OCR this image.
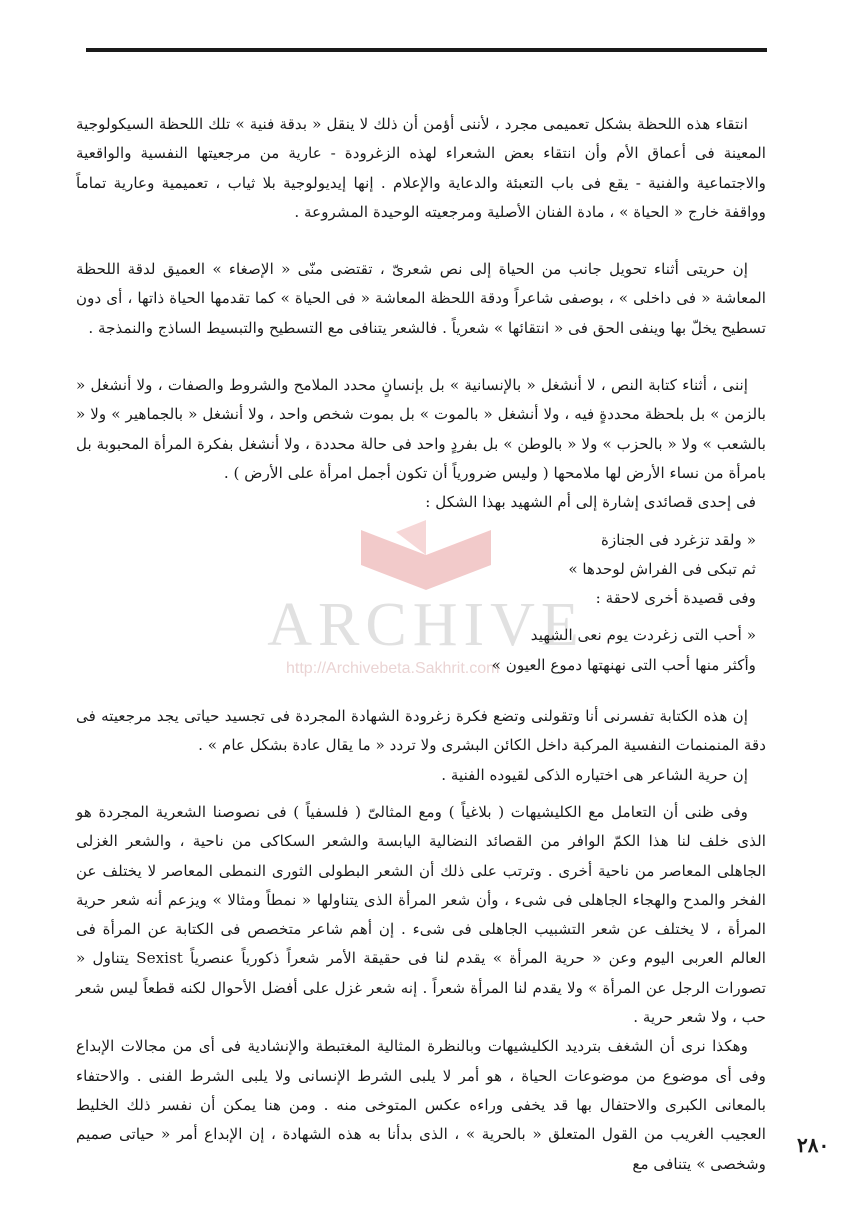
ARCHIVE
http://Archivebeta.Sakhrit.com

انتقاء هذه اللحظة بشكل تعميمى مجرد ، لأننى أؤمن أن ذلك لا ينقل « بدقة فنية » تلك اللحظة السيكولوجية المعينة فى أعماق الأم وأن انتقاء بعض الشعراء لهذه الزغرودة - عارية من مرجعيتها النفسية والواقعية والاجتماعية والفنية - يقع فى باب التعبئة والدعاية والإعلام . إنها إيديولوجية بلا ثياب ، تعميمية وعارية تماماً وواقفة خارج « الحياة » ، مادة الفنان الأصلية ومرجعيته الوحيدة المشروعة .

إن حريتى أثناء تحويل جانب من الحياة إلى نص شعرىّ ، تقتضى منّى « الإصغاء » العميق لدقة اللحظة المعاشة « فى داخلى » ، بوصفى شاعراً ودقة اللحظة المعاشة « فى الحياة » كما تقدمها الحياة ذاتها ، أى دون تسطيح يخلّ بها وينفى الحق فى « انتقائها » شعرياً . فالشعر يتنافى مع التسطيح والتبسيط الساذج والنمذجة .

إننى ، أثناء كتابة النص ، لا أنشغل « بالإنسانية » بل بإنسانٍ محدد الملامح والشروط والصفات ، ولا أنشغل « بالزمن » بل بلحظة محددةٍ فيه ، ولا أنشغل « بالموت » بل بموت شخص واحد ، ولا أنشغل « بالجماهير » ولا « بالشعب » ولا « بالحزب » ولا « بالوطن » بل بفردٍ واحد فى حالة محددة ، ولا أنشغل بفكرة المرأة المحبوبة بل بامرأة من نساء الأرض لها ملامحها ( وليس ضرورياً أن تكون أجمل امرأة على الأرض ) .

فى إحدى قصائدى إشارة إلى أم الشهيد بهذا الشكل :

« ولقد تزغرد فى الجنازة

ثم تبكى فى الفراش لوحدها »

وفى قصيدة أخرى لاحقة :

« أحب التى زغردت يوم نعى الشهيد

وأكثر منها أحب التى نهنهتها دموع العيون »

إن هذه الكتابة تفسرنى أنا وتقولنى وتضع فكرة زغرودة الشهادة المجردة فى تجسيد حياتى يجد مرجعيته فى دقة المنمنمات النفسية المركبة داخل الكائن البشرى ولا تردد « ما يقال عادة بشكل عام » .

إن حرية الشاعر هى اختياره الذكى لقيوده الفنية .

وفى ظنى أن التعامل مع الكليشيهات ( بلاغياً ) ومع المثالىّ ( فلسفياً ) فى نصوصنا الشعرية المجردة هو الذى خلف لنا هذا الكمّ الوافر من القصائد النضالية اليابسة والشعر السكاكى من ناحية ، والشعر الغزلى الجاهلى المعاصر من ناحية أخرى . وترتب على ذلك أن الشعر البطولى الثورى النمطى المعاصر لا يختلف عن الفخر والمدح والهجاء الجاهلى فى شىء ، وأن شعر المرأة الذى يتناولها « نمطاً ومثالا » ويزعم أنه شعر حرية المرأة ، لا يختلف عن شعر التشبيب الجاهلى فى شىء . إن أهم شاعر متخصص فى الكتابة عن المرأة فى العالم العربى اليوم وعن « حرية المرأة » يقدم لنا فى حقيقة الأمر شعراً ذكورياً عنصرياً Sexist يتناول « تصورات الرجل عن المرأة » ولا يقدم لنا المرأة شعراً . إنه شعر غزل على أفضل الأحوال لكنه قطعاً ليس شعر حب ، ولا شعر حرية .

وهكذا نرى أن الشغف بترديد الكليشيهات وبالنظرة المثالية المغتبطة والإنشادية فى أى من مجالات الإبداع وفى أى موضوع من موضوعات الحياة ، هو أمر لا يلبى الشرط الإنسانى ولا يلبى الشرط الفنى . والاحتفاء بالمعانى الكبرى والاحتفال بها قد يخفى وراءه عكس المتوخى منه . ومن هنا يمكن أن نفسر ذلك الخليط العجيب الغريب من القول المتعلق « بالحرية » ، الذى بدأنا به هذه الشهادة ، إن الإبداع أمر « حياتى صميم وشخصى » يتنافى مع

٢٨٠
